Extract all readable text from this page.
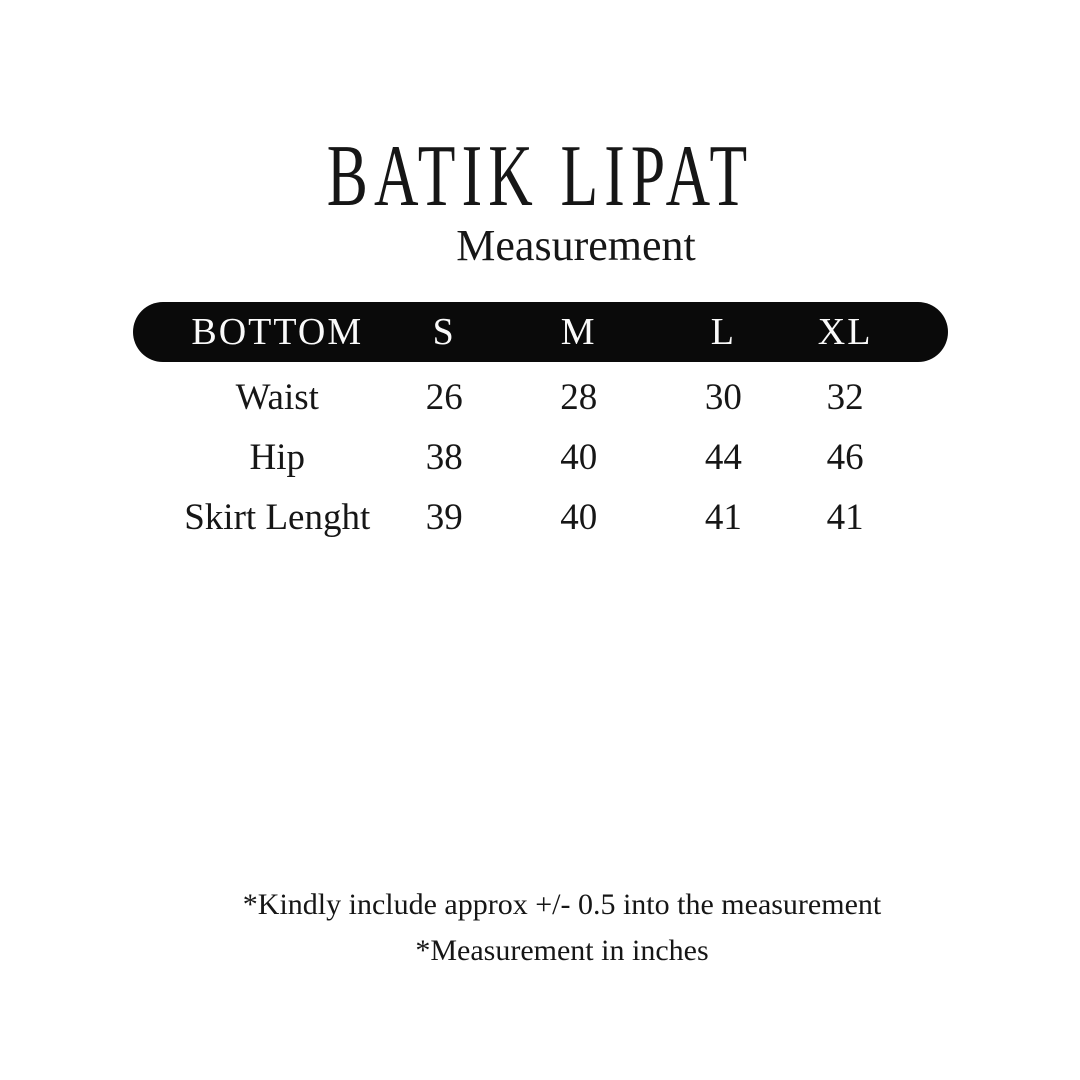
BATIK LIPAT
Measurement
BOTTOM	S	M	L	XL
Waist	26	28	30	32
Hip	38	40	44	46
Skirt Lenght	39	40	41	41
*Kindly include approx +/- 0.5 into the measurement
*Measurement in inches
